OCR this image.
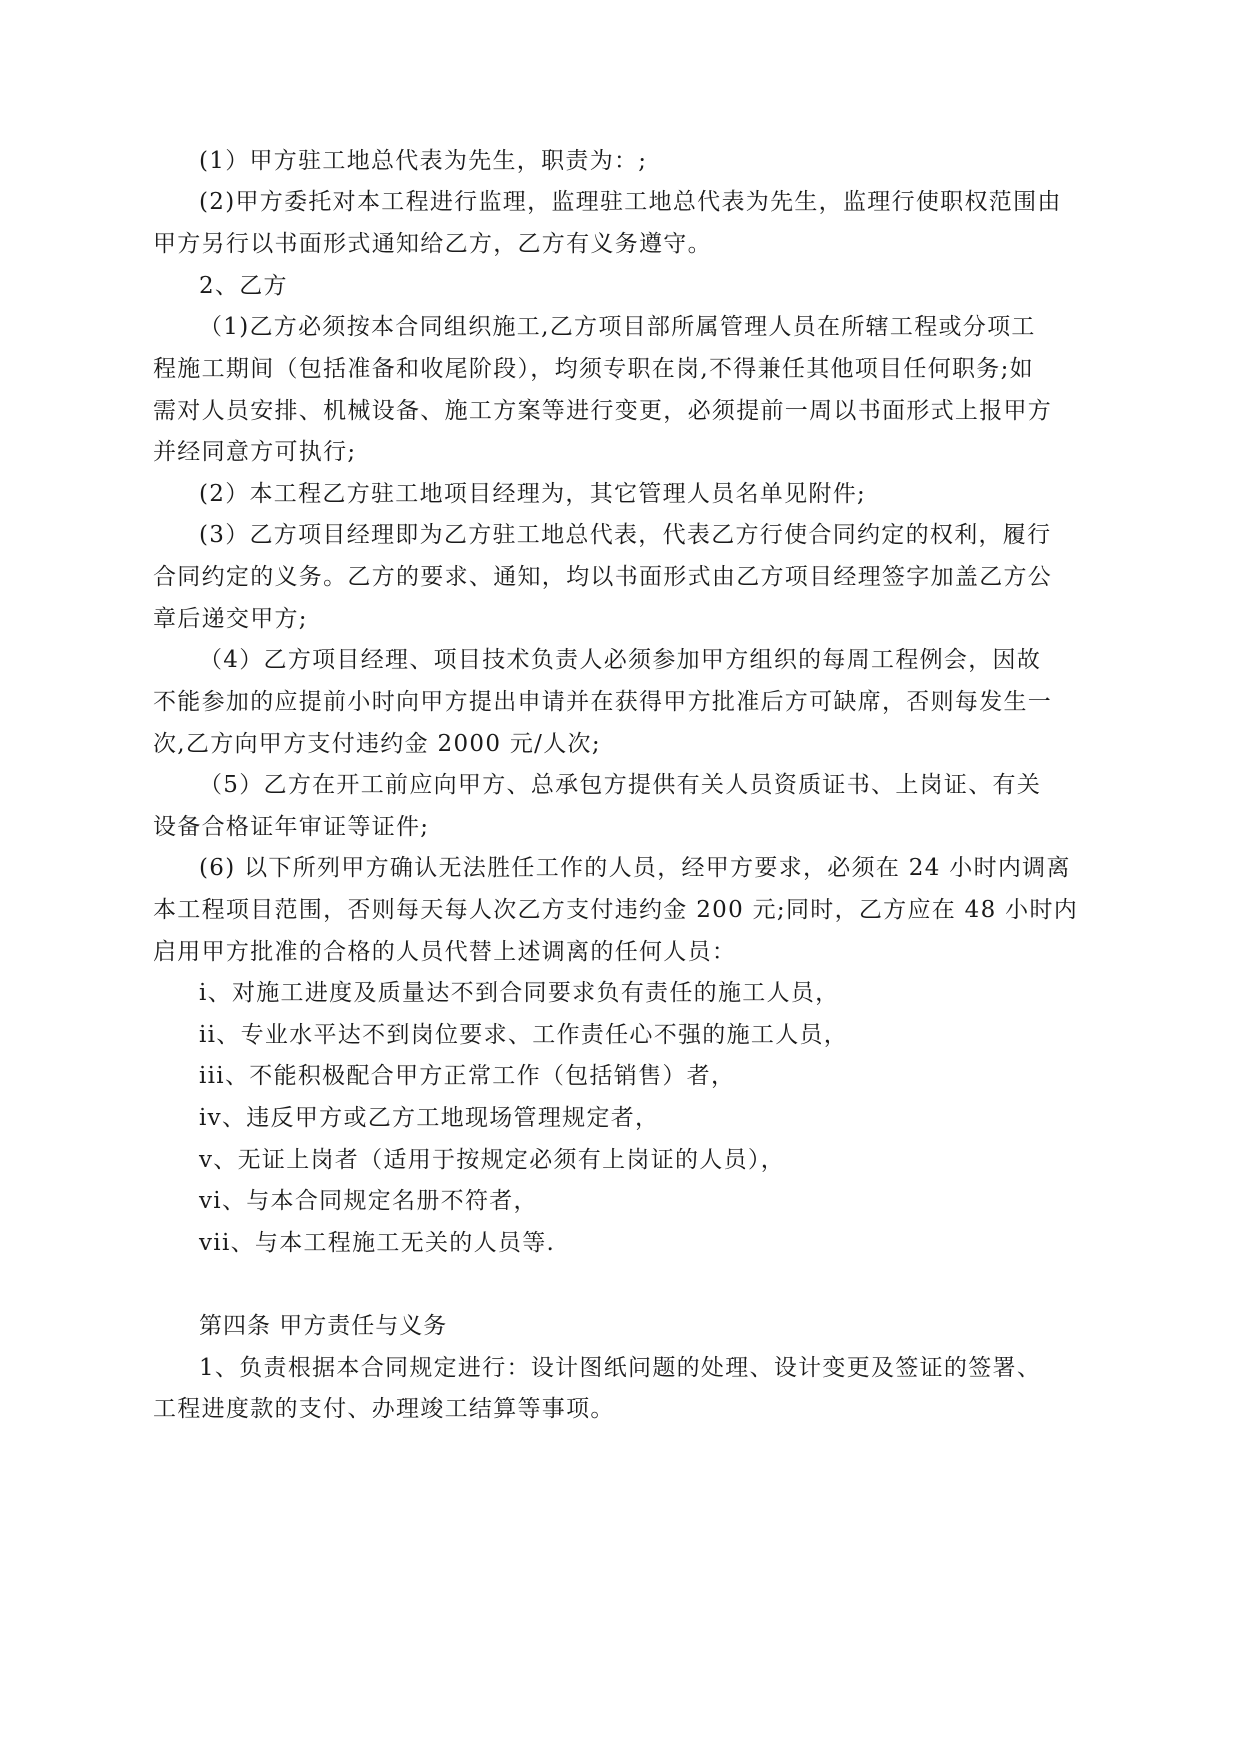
(1）甲方驻工地总代表为先生，职责为：;

(2)甲方委托对本工程进行监理，监理驻工地总代表为先生，监理行使职权范围由

甲方另行以书面形式通知给乙方，乙方有义务遵守。

2、乙方

（1)乙方必须按本合同组织施工,乙方项目部所属管理人员在所辖工程或分项工

程施工期间（包括准备和收尾阶段），均须专职在岗,不得兼任其他项目任何职务;如

需对人员安排、机械设备、施工方案等进行变更，必须提前一周以书面形式上报甲方

并经同意方可执行;

(2）本工程乙方驻工地项目经理为，其它管理人员名单见附件;

(3）乙方项目经理即为乙方驻工地总代表，代表乙方行使合同约定的权利，履行

合同约定的义务。乙方的要求、通知，均以书面形式由乙方项目经理签字加盖乙方公

章后递交甲方;

（4）乙方项目经理、项目技术负责人必须参加甲方组织的每周工程例会，因故

不能参加的应提前小时向甲方提出申请并在获得甲方批准后方可缺席，否则每发生一

次,乙方向甲方支付违约金 2000 元/人次;

（5）乙方在开工前应向甲方、总承包方提供有关人员资质证书、上岗证、有关

设备合格证年审证等证件;

(6) 以下所列甲方确认无法胜任工作的人员，经甲方要求，必须在 24 小时内调离

本工程项目范围，否则每天每人次乙方支付违约金 200 元;同时，乙方应在 48 小时内

启用甲方批准的合格的人员代替上述调离的任何人员：

i、对施工进度及质量达不到合同要求负有责任的施工人员，

ii、专业水平达不到岗位要求、工作责任心不强的施工人员，

iii、不能积极配合甲方正常工作（包括销售）者，

iv、违反甲方或乙方工地现场管理规定者，

v、无证上岗者（适用于按规定必须有上岗证的人员），

vi、与本合同规定名册不符者，

vii、与本工程施工无关的人员等.

第四条 甲方责任与义务

1、负责根据本合同规定进行：设计图纸问题的处理、设计变更及签证的签署、

工程进度款的支付、办理竣工结算等事项。
